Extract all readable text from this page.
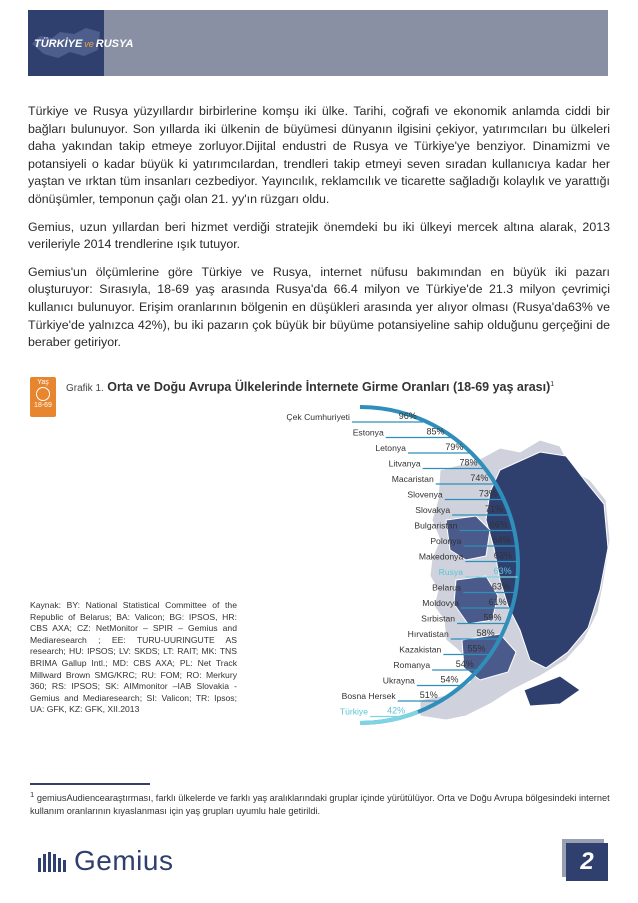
TÜRKİYE ve RUSYA

Türkiye ve Rusya yüzyıllardır birbirlerine komşu iki ülke. Tarihi, coğrafi ve ekonomik anlamda ciddi bir bağları bulunuyor. Son yıllarda iki ülkenin de büyümesi dünyanın ilgisini çekiyor, yatırımcıları bu ülkeleri daha yakından takip etmeye zorluyor.Dijital endustri de Rusya ve Türkiye'ye benziyor. Dinamizmi ve potansiyeli o kadar büyük ki yatırımcılardan, trendleri takip etmeyi seven sıradan kullanıcıya kadar her yaştan ve ırktan tüm insanları cezbediyor. Yayıncılık, reklamcılık ve ticarette sağladığı kolaylık ve yarattığı dönüşümler, temponun çağı olan 21. yy'ın rüzgarı oldu.

Gemius, uzun yıllardan beri hizmet verdiği stratejik önemdeki bu iki ülkeyi mercek altına alarak, 2013 verileriyle 2014 trendlerine ışık tutuyor.

Gemius'un ölçümlerine göre Türkiye ve Rusya, internet nüfusu bakımından en büyük iki pazarı oluşturuyor: Sırasıyla, 18-69 yaş arasında Rusya'da 66.4 milyon ve Türkiye'de 21.3 milyon çevrimiçi kullanıcı bulunuyor. Erişim oranlarının bölgenin en düşükleri arasında yer alıyor olması (Rusya'da63% ve Türkiye'de yalnızca 42%), bu iki pazarın çok büyük bir büyüme potansiyeline sahip olduğunu gerçeğini de beraber getiriyor.

Yaş
18-69
Grafik 1. Orta ve Doğu Avrupa Ülkelerinde İnternete Girme Oranları (18-69 yaş arası)$^1$
Kaynak: BY: National Statistical Committee of the Republic of Belarus; BA: Valicon; BG: IPSOS, HR: CBS AXA; CZ: NetMonitor – SPIR – Gemius and Mediaresearch ; EE: TURU-UURINGUTE AS research; HU: IPSOS; LV: SKDS; LT: RAIT; MK: TNS BRIMA Gallup Intl.; MD: CBS AXA; PL: Net Track Millward Brown SMG/KRC; RU: FOM; RO: Merkury 360; RS: IPSOS; SK: AIMmonitor –IAB Slovakia - Gemius and Mediaresearch; SI: Valicon; TR: Ipsos; UA: GFK, KZ: GFK, XII.2013
Çek Cumhuriyeti	96%
Estonya	85%
Letonya	79%
Litvanya	78%
Macaristan	74%
Slovenya	73%
Slovakya	71%
Bulgaristan	66%
Polonya	64%
Makedonya	63%
Rusya	63%
Belarus	63%
Moldovya	61%
Sırbistan	59%
Hırvatistan	58%
Kazakistan	55%
Romanya	54%
Ukrayna	54%
Bosna Hersek	51%
Türkiye 42%
$^1$ gemiusAudiencearaştırması, farklı ülkelerde ve farklı yaş aralıklarındaki gruplar içinde yürütülüyor. Orta ve Doğu Avrupa bölgesindeki internet kullanım oranlarının kıyaslanması için yaş grupları uyumlu hale getirildi.
Gemius	2
